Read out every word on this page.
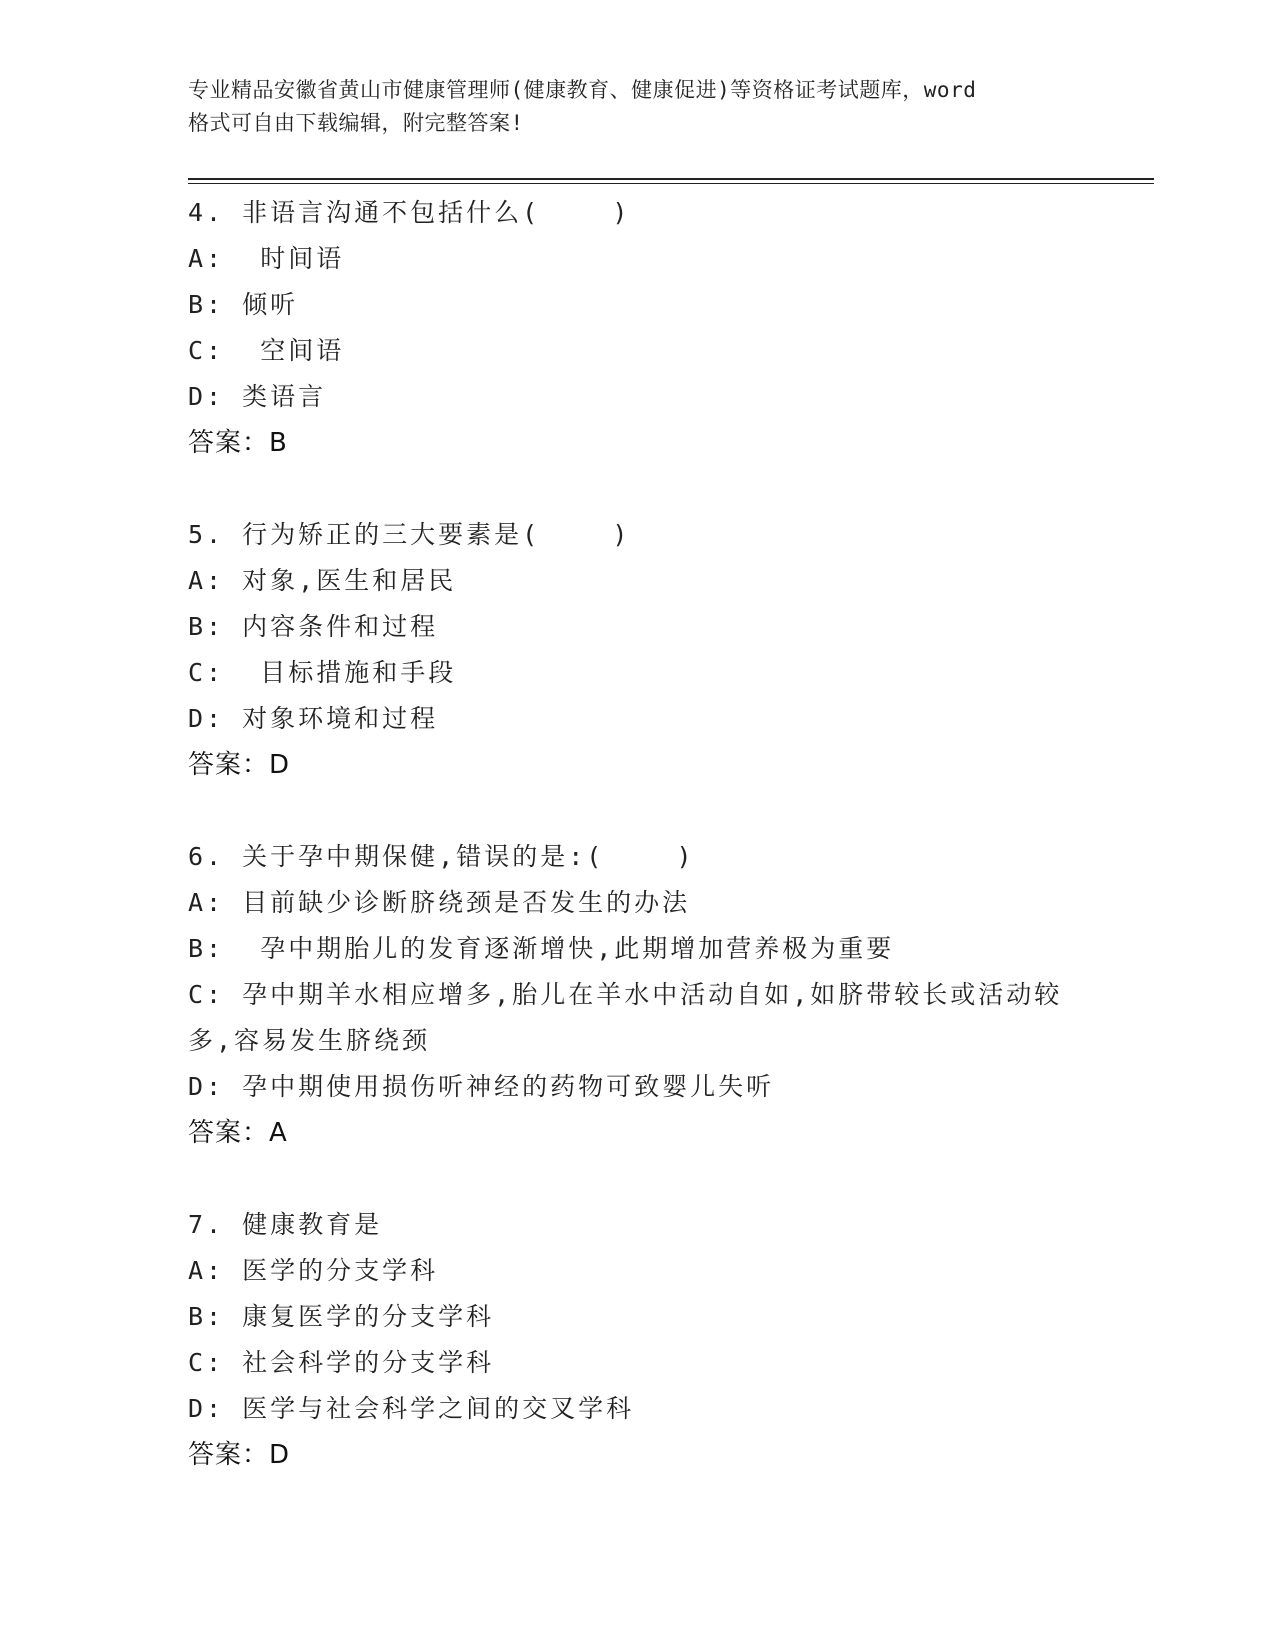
专业精品安徽省黄山市健康管理师(健康教育、健康促进)等资格证考试题库，word
格式可自由下载编辑，附完整答案!
4. 非语言沟通不包括什么(    )
A:  时间语
B: 倾听
C:  空间语
D: 类语言
答案：B
5. 行为矫正的三大要素是(    )
A: 对象,医生和居民
B: 内容条件和过程
C:  目标措施和手段
D: 对象环境和过程
答案：D
6. 关于孕中期保健,错误的是:(    )
A: 目前缺少诊断脐绕颈是否发生的办法
B:  孕中期胎儿的发育逐渐增快,此期增加营养极为重要
C: 孕中期羊水相应增多,胎儿在羊水中活动自如,如脐带较长或活动较多,容易发生脐绕颈
D: 孕中期使用损伤听神经的药物可致婴儿失听
答案：A
7. 健康教育是
A: 医学的分支学科
B: 康复医学的分支学科
C: 社会科学的分支学科
D: 医学与社会科学之间的交叉学科
答案：D
